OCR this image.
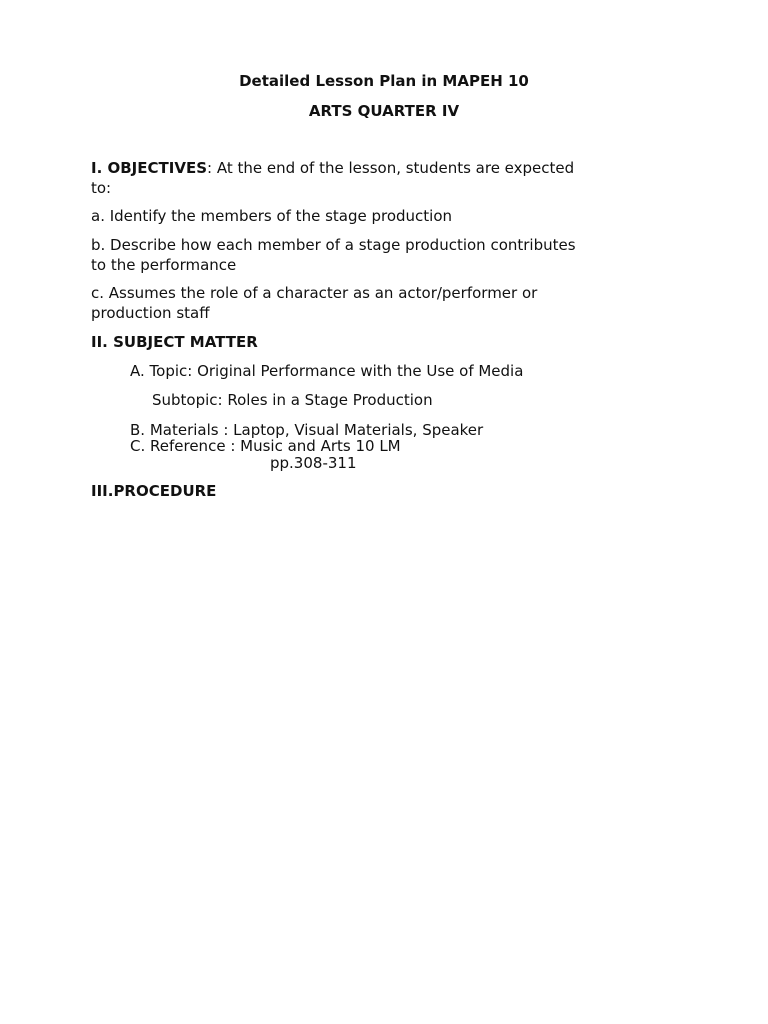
Detailed Lesson Plan in MAPEH 10
ARTS QUARTER IV
I. OBJECTIVES: At the end of the lesson, students are expected
to:
a. Identify the members of the stage production
b. Describe how each member of a stage production contributes
to the performance
c. Assumes the role of a character as an actor/performer or
production staff
II. SUBJECT MATTER
A. Topic: Original Performance with the Use of Media
Subtopic: Roles in a Stage Production
B. Materials : Laptop, Visual Materials, Speaker
C. Reference : Music and Arts 10 LM
pp.308-311
III.PROCEDURE
